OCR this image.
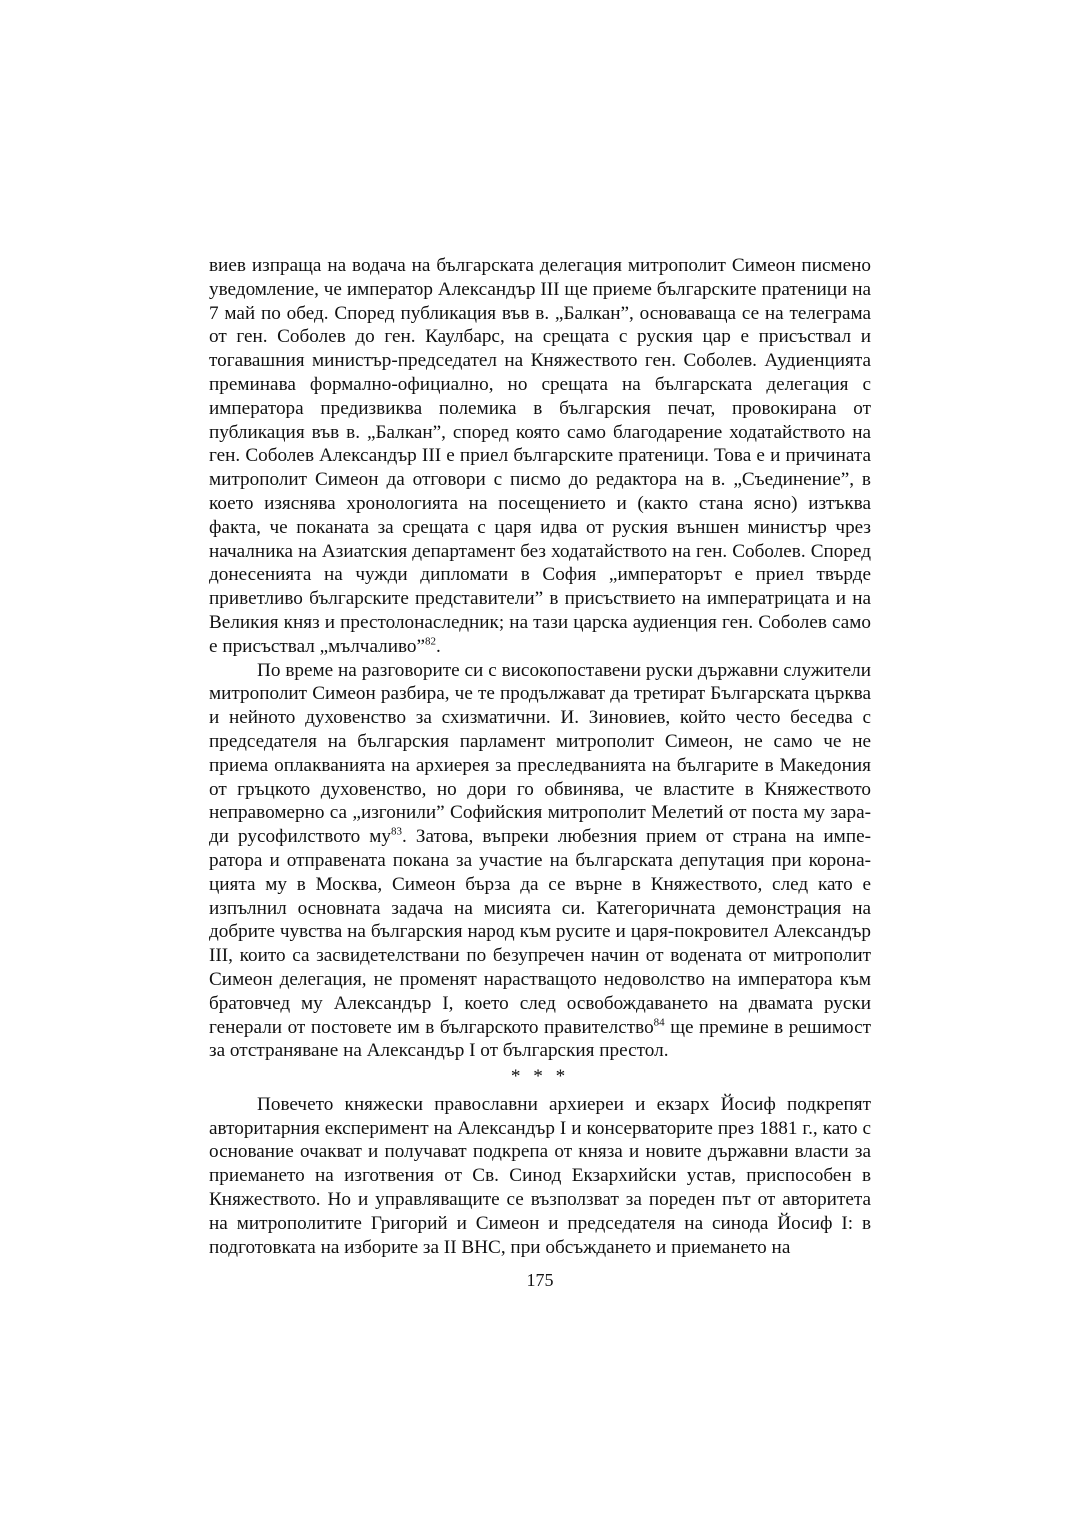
виев изпраща на водача на българската делегация митрополит Симеон писмено уведомление, че император Александър III ще приеме българските пратеници на 7 май по обед. Според публикация във в. „Балкан”, основаваща се на телеграма от ген. Соболев до ген. Каулбарс, на срещата с руския цар е присъствал и тогавашния министър-председател на Княжеството ген. Соболев. Аудиенцията преминава формално-официално, но срещата на българската делегация с императора предизвиква полемика в българския печат, провокирана от публикация във в. „Балкан”, според която само благодарение ходатайството на ген. Соболев Александър III е приел българските пратеници. Това е и причината митрополит Симеон да отговори с писмо до редактора на в. „Съединение”, в което изяснява хронологията на посещението и (както стана ясно) изтъква факта, че поканата за срещата с царя идва от руския външен министър чрез началника на Азиатския департамент без ходатайството на ген. Соболев. Според донесенията на чужди дипломати в София „императорът е приел твърде приветливо българските представители” в присъствието на императрицата и на Великия княз и престолонаследник; на тази царска аудиенция ген. Соболев само е присъствал „мълчаливо”$^{82}$.

По време на разговорите си с високопоставени руски държавни служители митрополит Симеон разбира, че те продължават да третират Българската църква и нейното духовенство за схизматични. И. Зиновиев, който често беседва с председателя на българския парламент митрополит Симеон, не само че не приема оплакванията на архиерея за преследванията на българите в Македония от гръцкото духовенство, но дори го обвинява, че властите в Княжеството неправомерно са „изгонили” Софийския митрополит Мелетий от поста му заради русофилството му$^{83}$. Затова, въпреки любезния прием от страна на императора и отправената покана за участие на българската депутация при коронацията му в Москва, Симеон бърза да се върне в Княжеството, след като е изпълнил основната задача на мисията си. Категоричната демонстрация на добрите чувства на българския народ към русите и царя-покровител Александър III, които са засвидетелствани по безупречен начин от водената от митрополит Симеон делегация, не променят нарастващото недоволство на императора към братовчед му Александър I, което след освобождаването на двамата руски генерали от постовете им в българското правителство$^{84}$ ще премине в решимост за отстраняване на Александър I от българския престол.

* * *

Повечето княжески православни архиереи и екзарх Йосиф подкрепят авторитарния експеримент на Александър I и консерваторите през 1881 г., като с основание очакват и получават подкрепа от княза и новите държавни власти за приемането на изготвения от Св. Синод Екзархийски устав, приспособен в Княжеството. Но и управляващите се възползват за пореден път от авторитета на митрополитите Григорий и Симеон и председателя на синода Йосиф I: в подготовката на изборите за II ВНС, при обсъждането и приемането на

175
